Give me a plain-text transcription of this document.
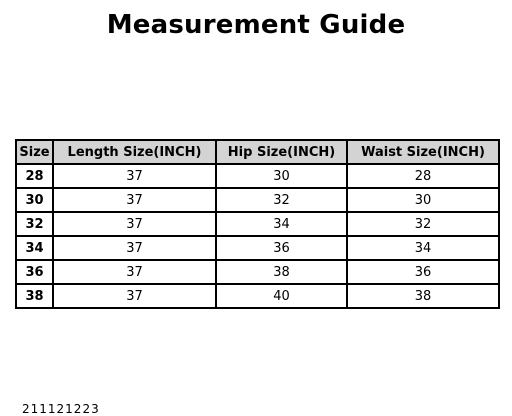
Measurement Guide
Size	Length Size(INCH)	Hip Size(INCH)	Waist Size(INCH)
28	37	30	28
30	37	32	30
32	37	34	32
34	37	36	34
36	37	38	36
38	37	40	38
211121223
